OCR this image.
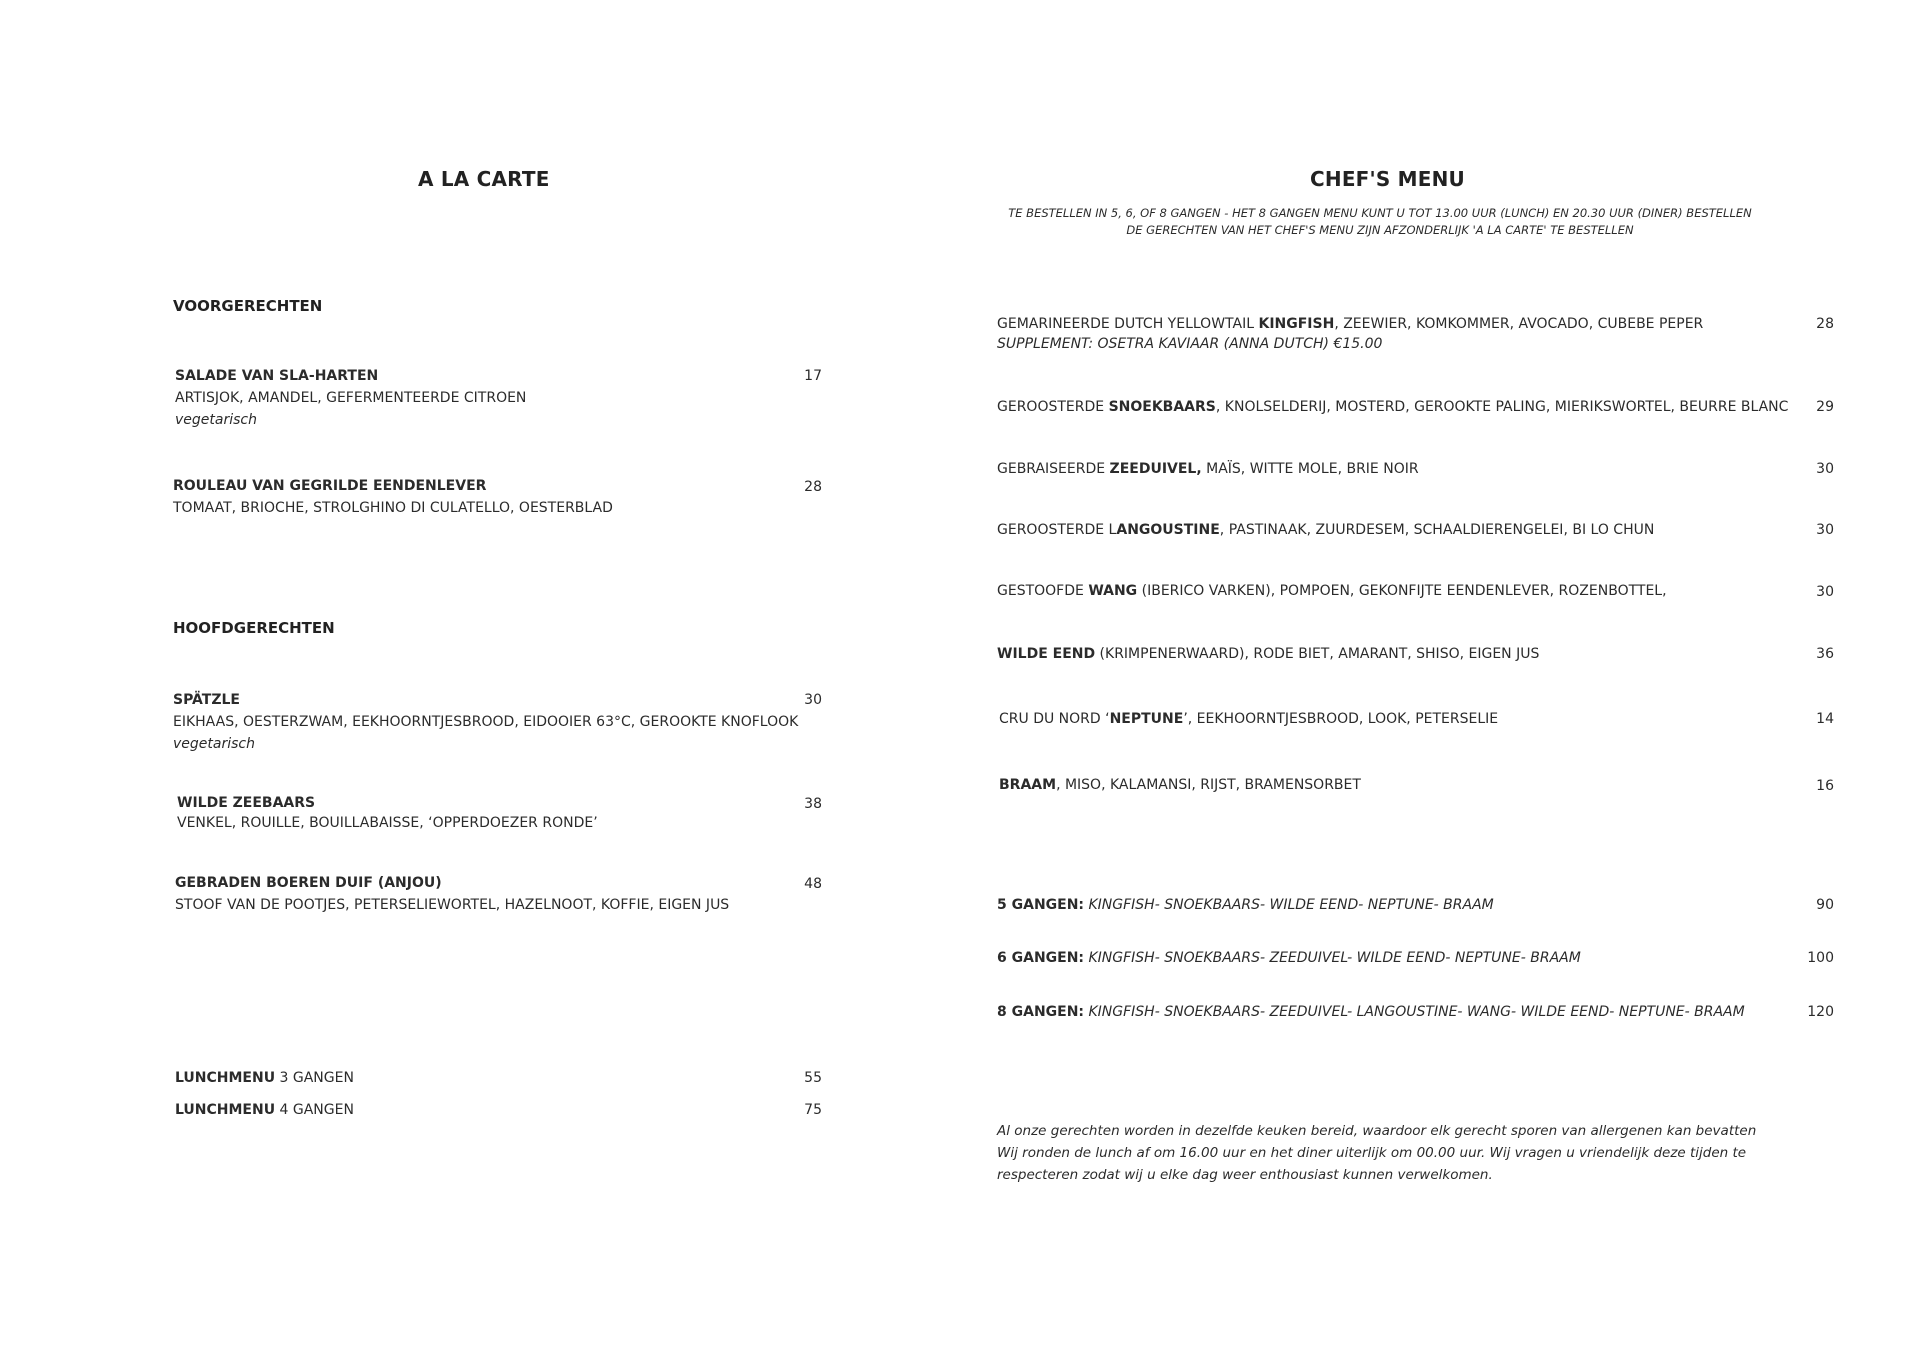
A LA CARTE
VOORGERECHTEN
SALADE VAN SLA-HARTEN
ARTISJOK, AMANDEL, GEFERMENTEERDE CITROEN
vegetarisch
17
ROULEAU VAN GEGRILDE EENDENLEVER
TOMAAT, BRIOCHE, STROLGHINO DI CULATELLO, OESTERBLAD
28
HOOFDGERECHTEN
SPÄTZLE
EIKHAAS, OESTERZWAM, EEKHOORNTJESBROOD, EIDOOIER 63°C, GEROOKTE KNOFLOOK
vegetarisch
30
WILDE ZEEBAARS
VENKEL, ROUILLE, BOUILLABAISSE, ‘OPPERDOEZER RONDE’
38
GEBRADEN BOEREN DUIF (ANJOU)
STOOF VAN DE POOTJES, PETERSELIEWORTEL, HAZELNOOT, KOFFIE, EIGEN JUS
48
LUNCHMENU 3 GANGEN	55
LUNCHMENU 4 GANGEN	75
CHEF'S MENU
TE BESTELLEN IN 5, 6, OF 8 GANGEN - HET 8 GANGEN MENU KUNT U TOT 13.00 UUR (LUNCH) EN 20.30 UUR (DINER) BESTELLEN
DE GERECHTEN VAN HET CHEF'S MENU ZIJN AFZONDERLIJK 'A LA CARTE' TE BESTELLEN
GEMARINEERDE DUTCH YELLOWTAIL KINGFISH, ZEEWIER, KOMKOMMER, AVOCADO, CUBEBE PEPER
SUPPLEMENT: OSETRA KAVIAAR (ANNA DUTCH) €15.00
28
GEROOSTERDE SNOEKBAARS, KNOLSELDERIJ, MOSTERD, GEROOKTE PALING, MIERIKSWORTEL, BEURRE BLANC	29
GEBRAISEERDE ZEEDUIVEL, MAÏS, WITTE MOLE, BRIE NOIR	30
GEROOSTERDE LANGOUSTINE, PASTINAAK, ZUURDESEM, SCHAALDIERENGELEI, BI LO CHUN	30
GESTOOFDE WANG (IBERICO VARKEN), POMPOEN, GEKONFIJTE EENDENLEVER, ROZENBOTTEL,	30
WILDE EEND (KRIMPENERWAARD), RODE BIET, AMARANT, SHISO, EIGEN JUS	36
CRU DU NORD ‘NEPTUNE’, EEKHOORNTJESBROOD, LOOK, PETERSELIE	14
BRAAM, MISO, KALAMANSI, RIJST, BRAMENSORBET	16
5 GANGEN: KINGFISH- SNOEKBAARS- WILDE EEND- NEPTUNE- BRAAM	90
6 GANGEN: KINGFISH- SNOEKBAARS- ZEEDUIVEL- WILDE EEND- NEPTUNE- BRAAM	100
8 GANGEN: KINGFISH- SNOEKBAARS- ZEEDUIVEL- LANGOUSTINE- WANG- WILDE EEND- NEPTUNE- BRAAM	120
Al onze gerechten worden in dezelfde keuken bereid, waardoor elk gerecht sporen van allergenen kan bevatten
Wij ronden de lunch af om 16.00 uur en het diner uiterlijk om 00.00 uur. Wij vragen u vriendelijk deze tijden te
respecteren zodat wij u elke dag weer enthousiast kunnen verwelkomen.
